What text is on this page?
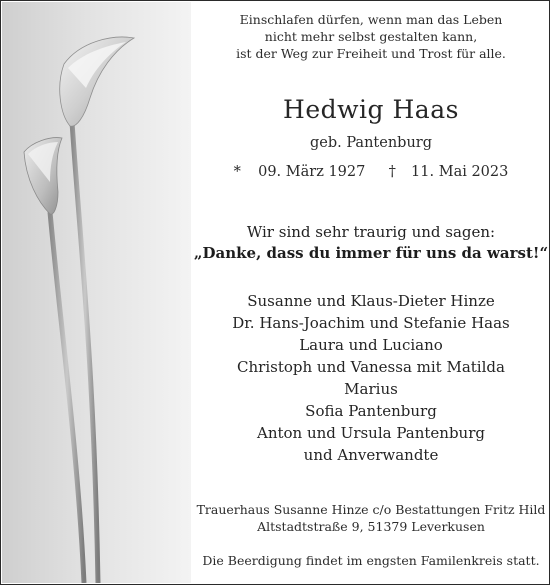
Einschlafen dürfen, wenn man das Leben
nicht mehr selbst gestalten kann,
ist der Weg zur Freiheit und Trost für alle.
Hedwig Haas
geb. Pantenburg
* 09. März 1927 † 11. Mai 2023
Wir sind sehr traurig und sagen:
„Danke, dass du immer für uns da warst!“
Susanne und Klaus-Dieter Hinze
Dr. Hans-Joachim und Stefanie Haas
Laura und Luciano
Christoph und Vanessa mit Matilda
Marius
Sofia Pantenburg
Anton und Ursula Pantenburg
und Anverwandte
Trauerhaus Susanne Hinze c/o Bestattungen Fritz Hild
Altstadtstraße 9, 51379 Leverkusen
Die Beerdigung findet im engsten Familenkreis statt.
